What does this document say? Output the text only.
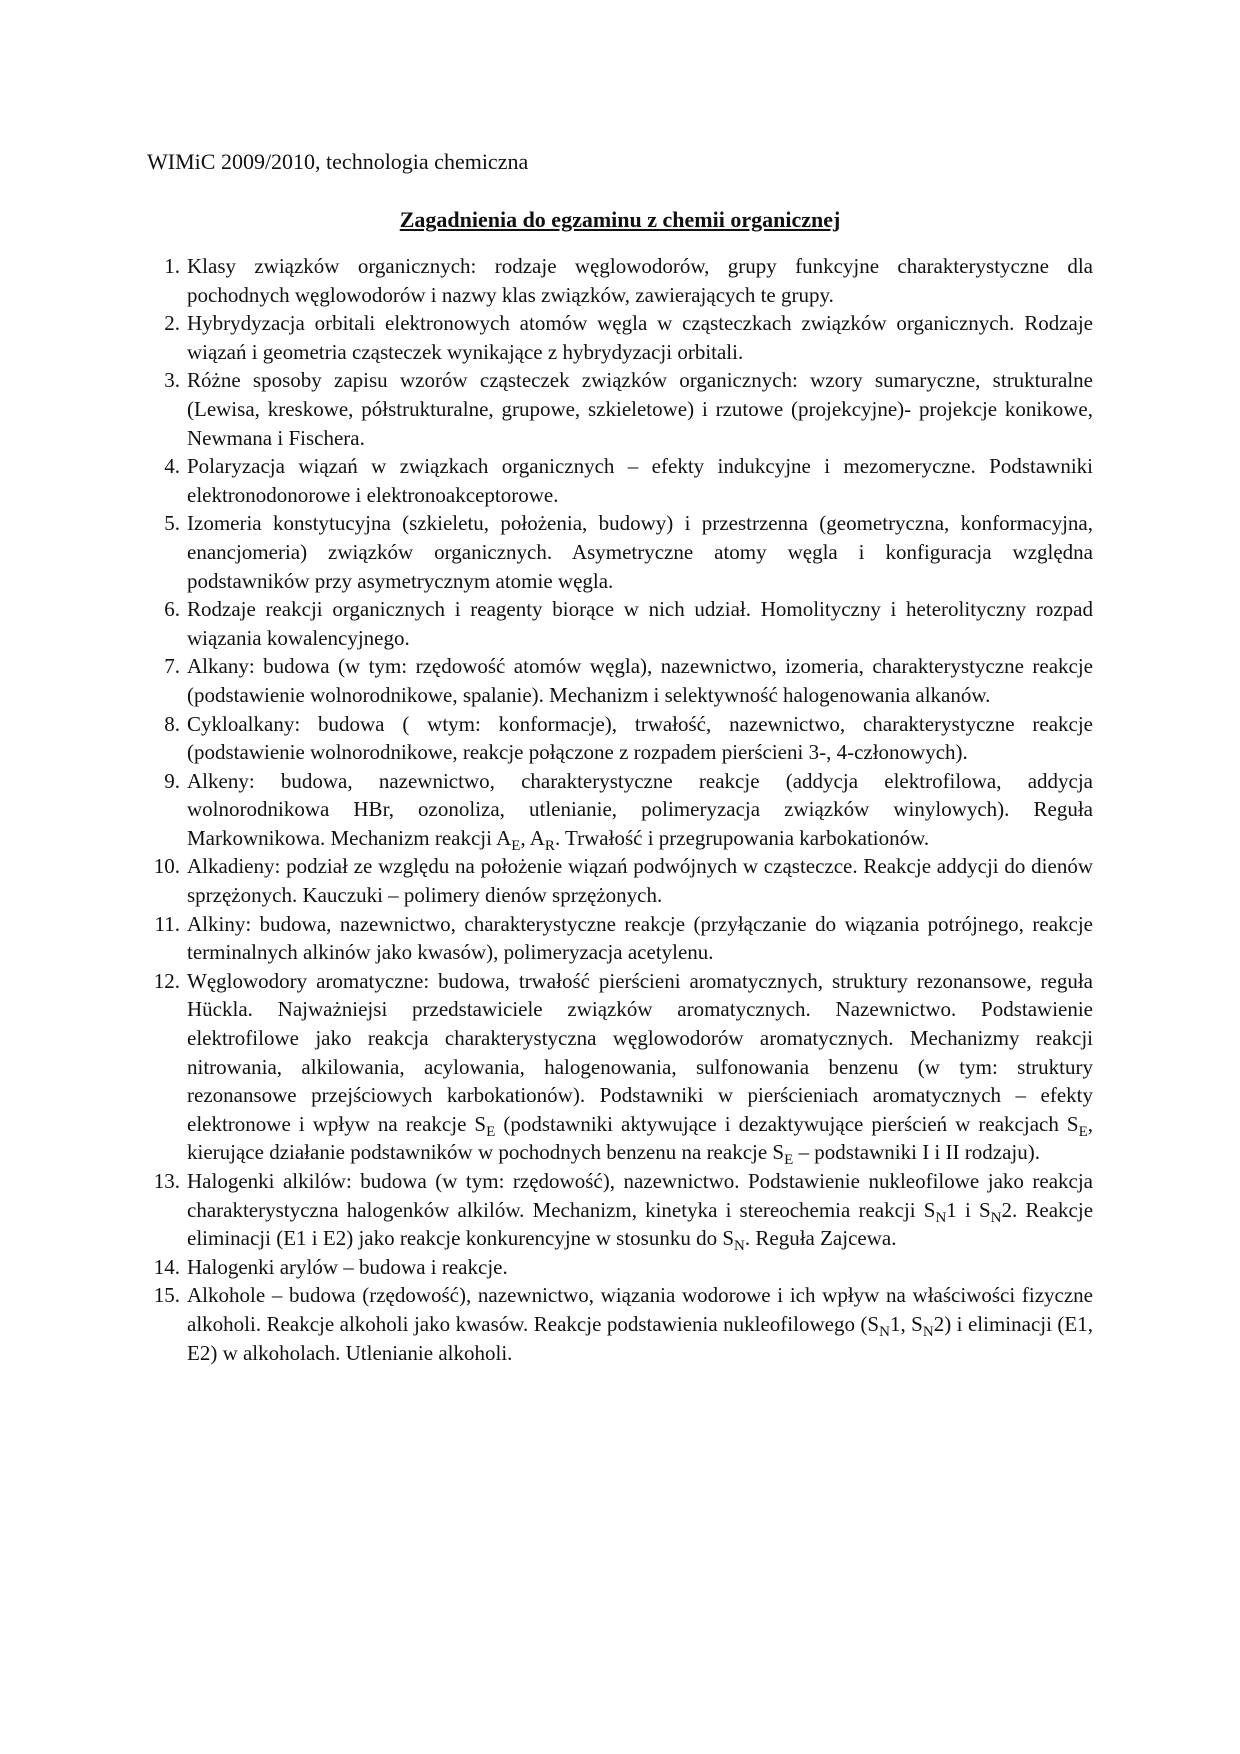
WIMiC 2009/2010, technologia chemiczna

Zagadnienia do egzaminu z chemii organicznej
1. Klasy związków organicznych: rodzaje węglowodorów, grupy funkcyjne charakterystyczne dla pochodnych węglowodorów i nazwy klas związków, zawierających te grupy.
2. Hybrydyzacja orbitali elektronowych atomów węgla w cząsteczkach związków organicznych. Rodzaje wiązań i geometria cząsteczek wynikające z hybrydyzacji orbitali.
3. Różne sposoby zapisu wzorów cząsteczek związków organicznych: wzory sumaryczne, strukturalne (Lewisa, kreskowe, półstrukturalne, grupowe, szkieletowe) i rzutowe (projekcyjne)- projekcje konikowe, Newmana i Fischera.
4. Polaryzacja wiązań w związkach organicznych – efekty indukcyjne i mezomeryczne. Podstawniki elektronodonorowe i elektronoakceptorowe.
5. Izomeria konstytucyjna (szkieletu, położenia, budowy) i przestrzenna (geometryczna, konformacyjna, enancjomeria) związków organicznych. Asymetryczne atomy węgla i konfiguracja względna podstawników przy asymetrycznym atomie węgla.
6. Rodzaje reakcji organicznych i reagenty biorące w nich udział. Homolityczny i heterolityczny rozpad wiązania kowalencyjnego.
7. Alkany: budowa (w tym: rzędowość atomów węgla), nazewnictwo, izomeria, charakterystyczne reakcje (podstawienie wolnorodnikowe, spalanie). Mechanizm i selektywność halogenowania alkanów.
8. Cykloalkany: budowa ( wtym: konformacje), trwałość, nazewnictwo, charakterystyczne reakcje (podstawienie wolnorodnikowe, reakcje połączone z rozpadem pierścieni 3-, 4-członowych).
9. Alkeny: budowa, nazewnictwo, charakterystyczne reakcje (addycja elektrofilowa, addycja wolnorodnikowa HBr, ozonoliza, utlenianie, polimeryzacja związków winylowych). Reguła Markownikowa. Mechanizm reakcji $A_E$, $A_R$. Trwałość i przegrupowania karbokationów.
10. Alkadieny: podział ze względu na położenie wiązań podwójnych w cząsteczce. Reakcje addycji do dienów sprzężonych. Kauczuki – polimery dienów sprzężonych.
11. Alkiny: budowa, nazewnictwo, charakterystyczne reakcje (przyłączanie do wiązania potrójnego, reakcje terminalnych alkinów jako kwasów), polimeryzacja acetylenu.
12. Węglowodory aromatyczne: budowa, trwałość pierścieni aromatycznych, struktury rezonansowe, reguła Hückla. Najważniejsi przedstawiciele związków aromatycznych. Nazewnictwo. Podstawienie elektrofilowe jako reakcja charakterystyczna węglowodorów aromatycznych. Mechanizmy reakcji nitrowania, alkilowania, acylowania, halogenowania, sulfonowania benzenu (w tym: struktury rezonansowe przejściowych karbokationów). Podstawniki w pierścieniach aromatycznych – efekty elektronowe i wpływ na reakcje $S_E$ (podstawniki aktywujące i dezaktywujące pierścień w reakcjach $S_E$, kierujące działanie podstawników w pochodnych benzenu na reakcje $S_E$ – podstawniki I i II rodzaju).
13. Halogenki alkilów: budowa (w tym: rzędowość), nazewnictwo. Podstawienie nukleofilowe jako reakcja charakterystyczna halogenków alkilów. Mechanizm, kinetyka i stereochemia reakcji $S_N1$ i $S_N2$. Reakcje eliminacji (E1 i E2) jako reakcje konkurencyjne w stosunku do $S_N$. Reguła Zajcewa.
14. Halogenki arylów – budowa i reakcje.
15. Alkohole – budowa (rzędowość), nazewnictwo, wiązania wodorowe i ich wpływ na właściwości fizyczne alkoholi. Reakcje alkoholi jako kwasów. Reakcje podstawienia nukleofilowego ($S_N1$, $S_N2$) i eliminacji (E1, E2) w alkoholach. Utlenianie alkoholi.
